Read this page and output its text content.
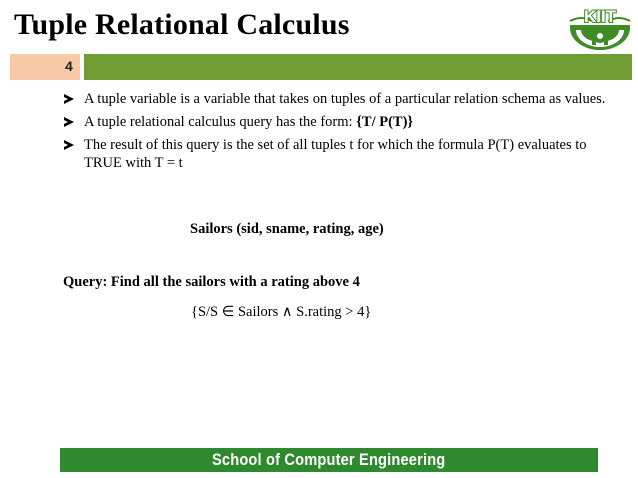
Tuple Relational Calculus	KIIT
4
A tuple variable is a variable that takes on tuples of a particular relation schema as values.
A tuple relational calculus query has the form: {T/ P(T)}
The result of this query is the set of all tuples t for which the formula P(T) evaluates to TRUE with T = t
Sailors (sid, sname, rating, age)
Query: Find all the sailors with a rating above 4
{S/S ∈ Sailors ∧ S.rating > 4}
School of Computer Engineering
